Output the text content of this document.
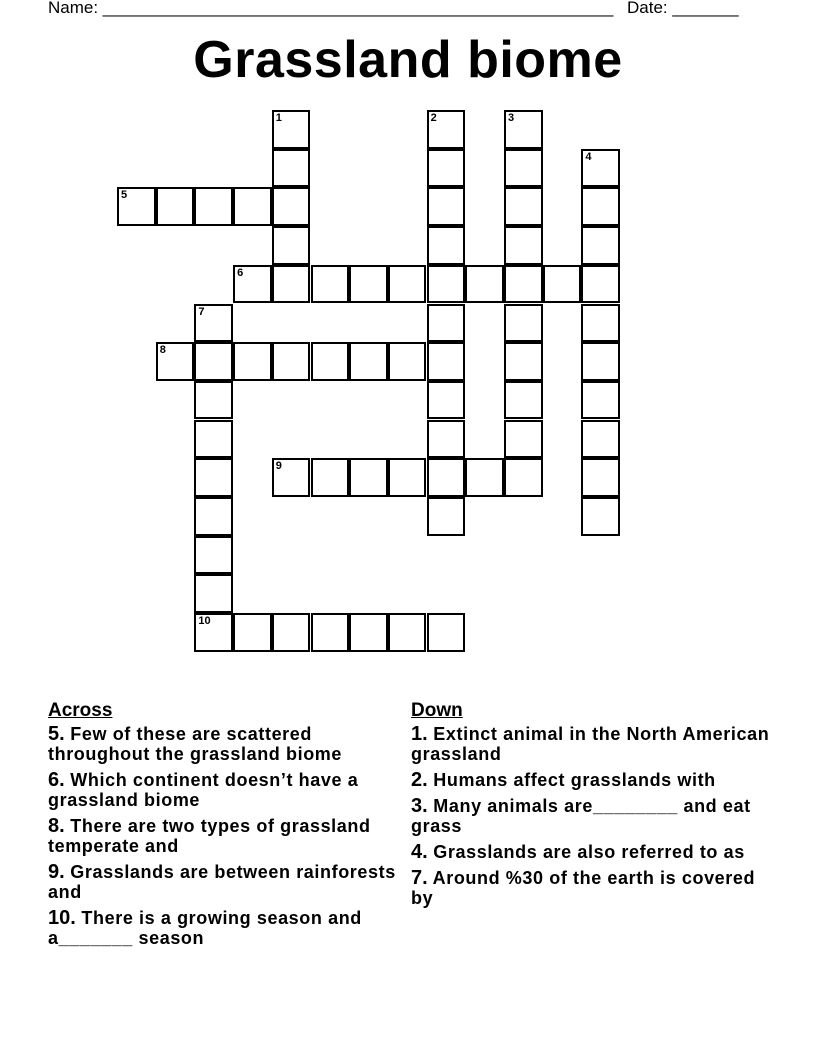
Name: ______________________________________________________ Date: _______
Grassland biome
1	2	3
4
5
6
7
10
8
9
Across
5. Few of these are scattered throughout the grassland biome
6. Which continent doesn’t have a grassland biome
8. There are two types of grassland temperate and
9. Grasslands are between rainforests and
10. There is a growing season and a_______ season
Down
1. Extinct animal in the North American grassland
2. Humans affect grasslands with
3. Many animals are________ and eat grass
4. Grasslands are also referred to as
7. Around %30 of the earth is covered by
